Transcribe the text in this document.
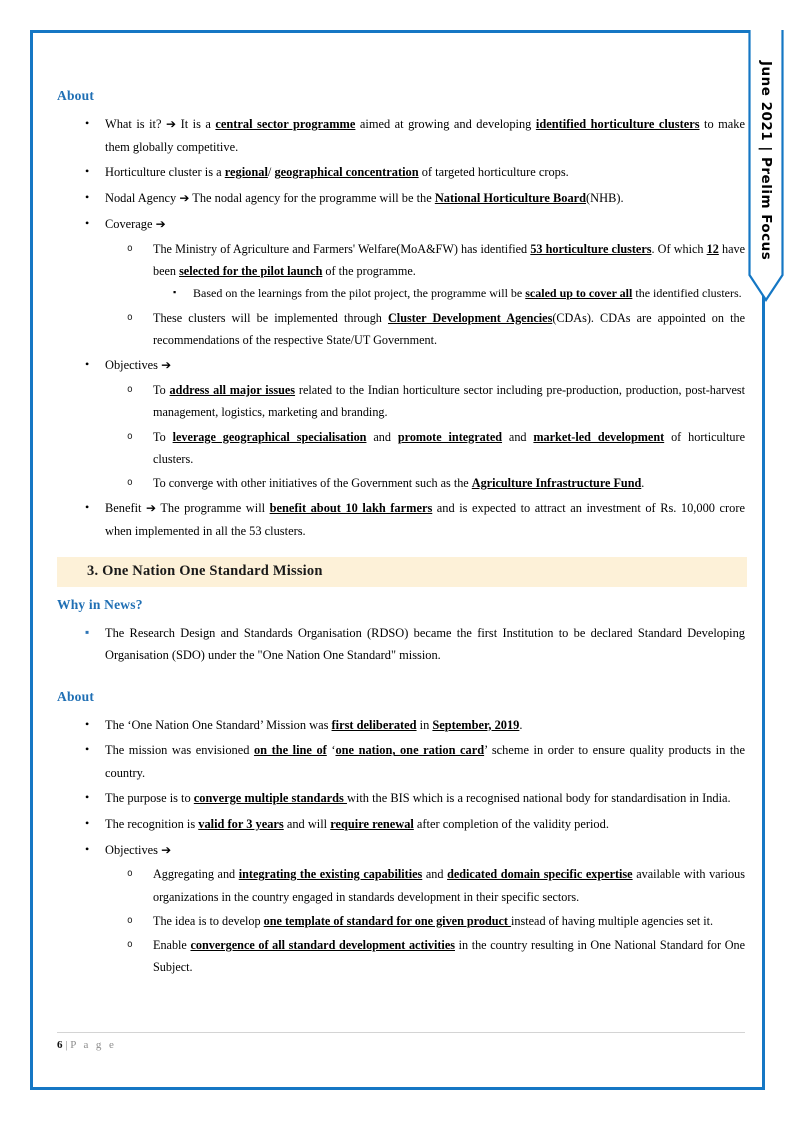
June 2021 | Prelim Focus
About
• What is it? ➔ It is a central sector programme aimed at growing and developing identified horticulture clusters to make them globally competitive.
• Horticulture cluster is a regional/ geographical concentration of targeted horticulture crops.
• Nodal Agency ➔ The nodal agency for the programme will be the National Horticulture Board(NHB).
• Coverage ➔
o The Ministry of Agriculture and Farmers' Welfare(MoA&FW) has identified 53 horticulture clusters. Of which 12 have been selected for the pilot launch of the programme.
▪ Based on the learnings from the pilot project, the programme will be scaled up to cover all the identified clusters.
o These clusters will be implemented through Cluster Development Agencies(CDAs). CDAs are appointed on the recommendations of the respective State/UT Government.
• Objectives ➔
o To address all major issues related to the Indian horticulture sector including pre-production, production, post-harvest management, logistics, marketing and branding.
o To leverage geographical specialisation and promote integrated and market-led development of horticulture clusters.
o To converge with other initiatives of the Government such as the Agriculture Infrastructure Fund.
• Benefit ➔ The programme will benefit about 10 lakh farmers and is expected to attract an investment of Rs. 10,000 crore when implemented in all the 53 clusters.
3. One Nation One Standard Mission
Why in News?
▪ The Research Design and Standards Organisation (RDSO) became the first Institution to be declared Standard Developing Organisation (SDO) under the "One Nation One Standard" mission.
About
• The ‘One Nation One Standard’ Mission was first deliberated in September, 2019.
• The mission was envisioned on the line of ‘one nation, one ration card’ scheme in order to ensure quality products in the country.
• The purpose is to converge multiple standards with the BIS which is a recognised national body for standardisation in India.
• The recognition is valid for 3 years and will require renewal after completion of the validity period.
• Objectives ➔
o Aggregating and integrating the existing capabilities and dedicated domain specific expertise available with various organizations in the country engaged in standards development in their specific sectors.
o The idea is to develop one template of standard for one given product instead of having multiple agencies set it.
o Enable convergence of all standard development activities in the country resulting in One National Standard for One Subject.
6 | P a g e
